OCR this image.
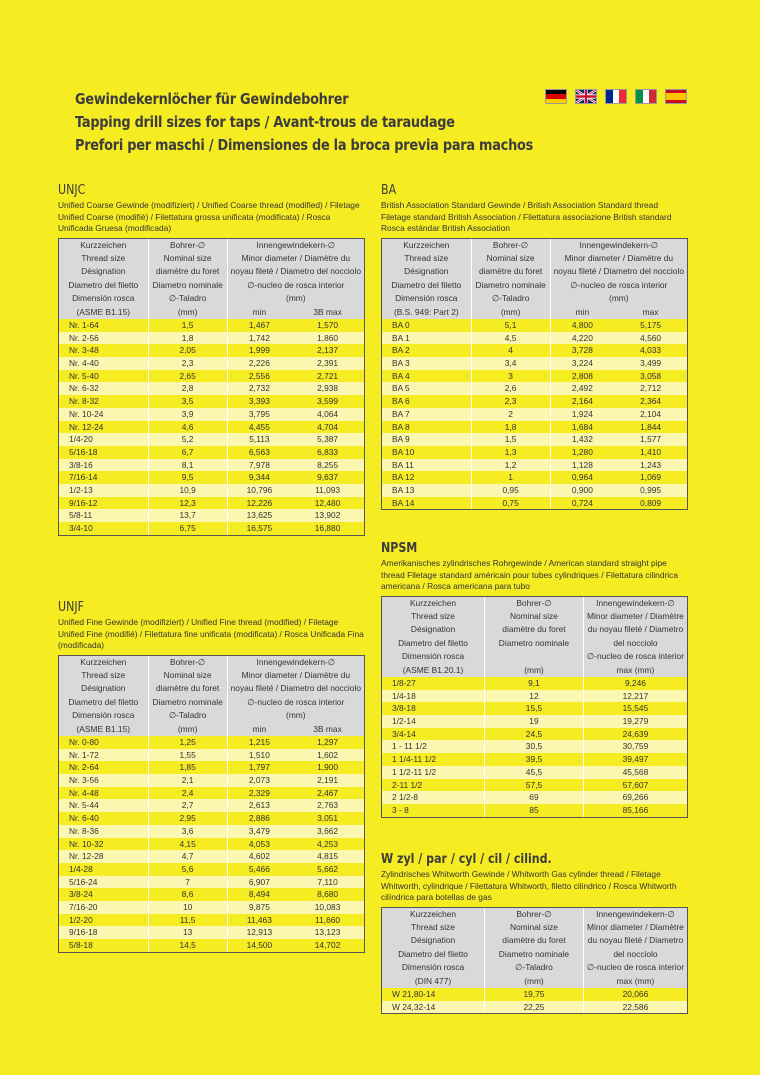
Gewindekernlöcher für Gewindebohrer
Tapping drill sizes for taps / Avant-trous de taraudage
Prefori per maschi / Dimensiones de la broca previa para machos
UNJC
Unified Coarse Gewinde (modifiziert) / Unified Coarse thread (modified) / Filetage Unified Coarse (modifié) / Filettatura grossa unificata (modificata) / Rosca Unificada Gruesa (modificada)
Kurzzeichen	Bohrer-∅	Innengewindekern-∅	
Thread size	Nominal size	Minor diameter / Diamètre du	
Désignation	diamètre du foret	noyau fileté / Diametro del nocciolo	
Diametro del filetto	Diametro nominale	∅-nucleo de rosca interior	
Dimensión rosca	∅-Taladro	(mm)	
(ASME B1.15)	(mm)	min	3B max
Nr. 1-64	1,5	1,467	1,570
Nr. 2-56	1,8	1,742	1,860
Nr. 3-48	2,05	1,999	2,137
Nr. 4-40	2,3	2,226	2,391
Nr. 5-40	2,65	2,556	2,721
Nr. 6-32	2,8	2,732	2,938
Nr. 8-32	3,5	3,393	3,599
Nr. 10-24	3,9	3,795	4,064
Nr. 12-24	4,6	4,455	4,704
1/4-20	5,2	5,113	5,387
5/16-18	6,7	6,563	6,833
3/8-16	8,1	7,978	8,255
7/16-14	9,5	9,344	9,637
1/2-13	10,9	10,796	11,093
9/16-12	12,3	12,226	12,480
5/8-11	13,7	13,625	13,902
3/4-10	6,75	16,575	16,880
UNJF
Unified Fine Gewinde (modifiziert) / Unified Fine thread (modified) / Filetage Unified Fine (modifié) / Filettatura fine unificata (modificata) / Rosca Unificada Fina (modificada)
Kurzzeichen	Bohrer-∅	Innengewindekern-∅	
Thread size	Nominal size	Minor diameter / Diamètre du	
Désignation	diamètre du foret	noyau fileté / Diametro del nocciolo	
Diametro del filetto	Diametro nominale	∅-nucleo de rosca interior	
Dimensión rosca	∅-Taladro	(mm)	
(ASME B1.15)	(mm)	min	3B max
Nr. 0-80	1,25	1,215	1,297
Nr. 1-72	1,55	1,510	1,602
Nr. 2-64	1,85	1,797	1,900
Nr. 3-56	2,1	2,073	2,191
Nr. 4-48	2,4	2,329	2,467
Nr. 5-44	2,7	2,613	2,763
Nr. 6-40	2,95	2,886	3,051
Nr. 8-36	3,6	3,479	3,662
Nr. 10-32	4,15	4,053	4,253
Nr. 12-28	4,7	4,602	4,815
1/4-28	5,6	5,466	5,662
5/16-24	7	6,907	7,110
3/8-24	8,6	8,494	8,680
7/16-20	10	9,875	10,083
1/2-20	11,5	11,463	11,660
9/16-18	13	12,913	13,123
5/8-18	14,5	14,500	14,702
BA
British Association Standard Gewinde / British Association Standard thread Filetage standard British Association / Filettatura associazione British standard Rosca estándar British Association
Kurzzeichen	Bohrer-∅	Innengewindekern-∅	
Thread size	Nominal size	Minor diameter / Diamètre du	
Désignation	diamètre du foret	noyau fileté / Diametro del nocciolo	
Diametro del filetto	Diametro nominale	∅-nucleo de rosca interior	
Dimensión rosca	∅-Taladro	(mm)	
(B.S. 949: Part 2)	(mm)	min	max
BA 0	5,1	4,800	5,175
BA 1	4,5	4,220	4,560
BA 2	4	3,728	4,033
BA 3	3,4	3,224	3,499
BA 4	3	2,808	3,058
BA 5	2,6	2,492	2,712
BA 6	2,3	2,164	2,364
BA 7	2	1,924	2,104
BA 8	1,8	1,684	1,844
BA 9	1,5	1,432	1,577
BA 10	1,3	1,280	1,410
BA 11	1,2	1,128	1,243
BA 12	1	0,964	1,069
BA 13	0,95	0,900	0,995
BA 14	0,75	0,724	0,809
NPSM
Amerikanisches zylindrisches Rohrgewinde / American standard straight pipe thread Filetage standard américain pour tubes cylindriques / Filettatura cilindrica americana / Rosca americana para tubo
Kurzzeichen	Bohrer-∅	Innengewindekern-∅
Thread size	Nominal size	Minor diameter / Diamètre
Désignation	diamètre du foret	du noyau fileté / Diametro
Diametro del filetto	Diametro nominale	del nocciolo
Dimensión rosca		∅-nucleo de rosca interior
(ASME B1.20.1)	(mm)	max (mm)
1/8-27	9,1	9,246
1/4-18	12	12,217
3/8-18	15,5	15,545
1/2-14	19	19,279
3/4-14	24,5	24,639
1 - 11 1/2	30,5	30,759
1 1/4-11 1/2	39,5	39,497
1 1/2-11 1/2	45,5	45,568
2-11 1/2	57,5	57,607
2 1/2-8	69	69,266
3 - 8	85	85,166
W zyl / par / cyl / cil / cilind.
Zylindrisches Whitworth Gewinde / Whitworth Gas cylinder thread / Filetage Whitworth, cylindrique / Filettatura Whitworth, filetto cilindrico / Rosca Whitworth cilíndrica para botellas de gas
Kurzzeichen	Bohrer-∅	Innengewindekern-∅
Thread size	Nominal size	Minor diameter / Diamètre
Désignation	diamètre du foret	du noyau fileté / Diametro
Diametro del filetto	Diametro nominale	del nocciolo
Dimensión rosca	∅-Taladro	∅-nucleo de rosca interior
(DIN 477)	(mm)	max (mm)
W 21,80-14	19,75	20,066
W 24,32-14	22,25	22,586
